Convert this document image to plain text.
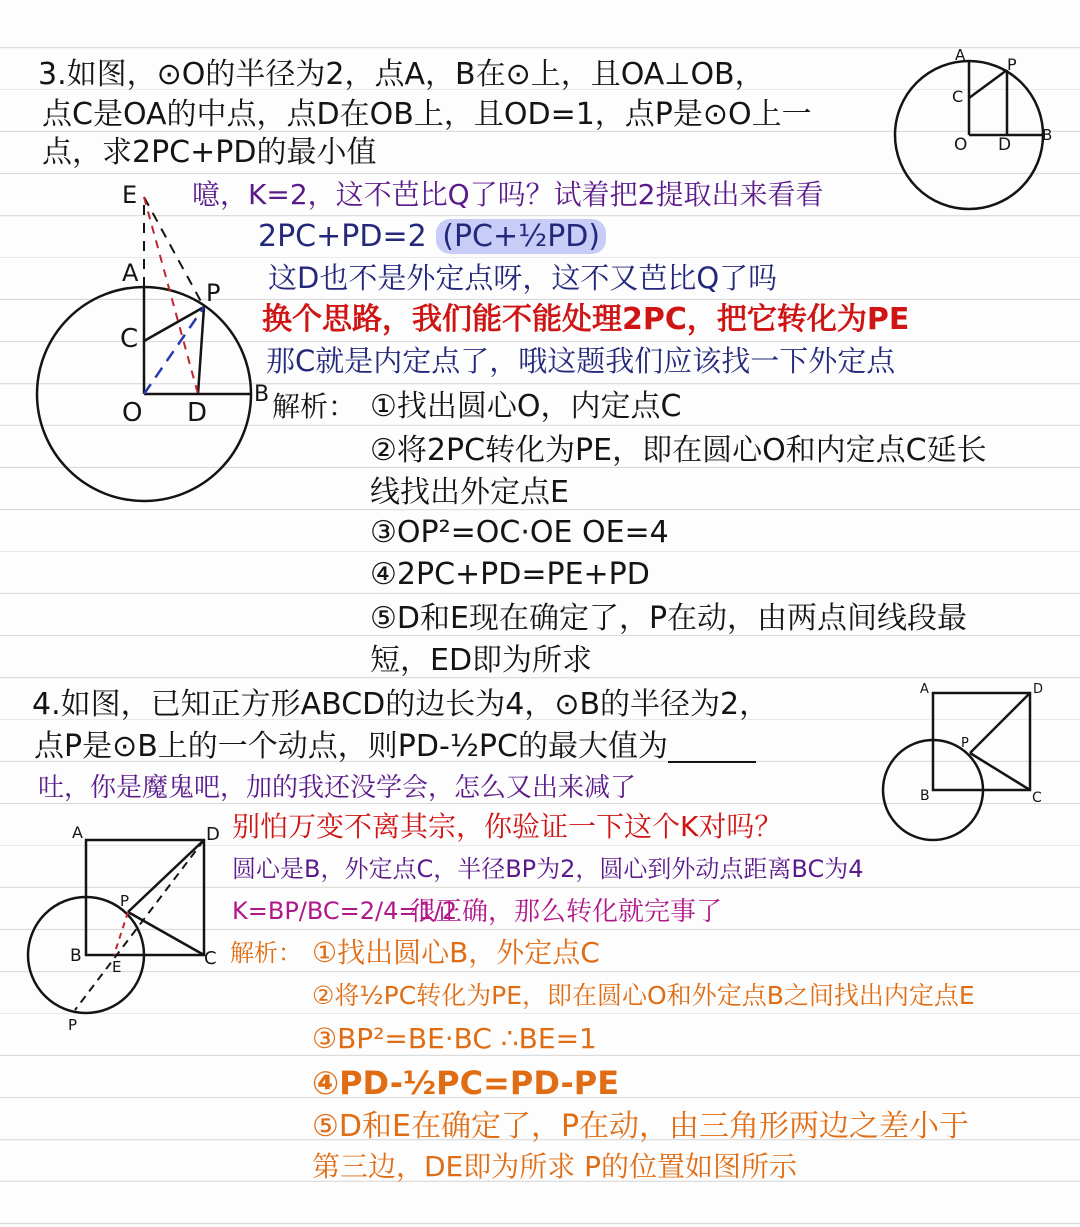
3.如图，⊙O的半径为2，点A，B在⊙上，且OA⊥OB，
点C是OA的中点，点D在OB上，且OD=1，点P是⊙O上一
点，求2PC+PD的最小值
A	P
C
O D B
E
A
P
C
O D
B
噫，K=2，这不芭比Q了吗？试着把2提取出来看看
2PC+PD=2 (PC+½PD)
这D也不是外定点呀，这不又芭比Q了吗
换个思路，我们能不能处理2PC，把它转化为PE
那C就是内定点了，哦这题我们应该找一下外定点
解析： ①找出圆心O，内定点C
②将2PC转化为PE，即在圆心O和内定点C延长
线找出外定点E
③OP²=OC·OE OE=4
④2PC+PD=PE+PD
⑤D和E现在确定了，P在动，由两点间线段最
短，ED即为所求
4.如图，已知正方形ABCD的边长为4，⊙B的半径为2，
点P是⊙B上的一个动点，则PD-½PC的最大值为
A	D
P
B	C
吐，你是魔鬼吧，加的我还没学会，怎么又出来减了
A	D
P
B
E	C
P
别怕万变不离其宗，你验证一下这个K对吗？
圆心是B，外定点C，半径BP为2，圆心到外动点距离BC为4
K=BP/BC=2/4=1/2
很正确，那么转化就完事了
解析： ①找出圆心B，外定点C
②将½PC转化为PE，即在圆心O和外定点B之间找出内定点E
③BP²=BE·BC ∴BE=1
④PD-½PC=PD-PE
⑤D和E在确定了，P在动，由三角形两边之差小于
第三边，DE即为所求 P的位置如图所示
